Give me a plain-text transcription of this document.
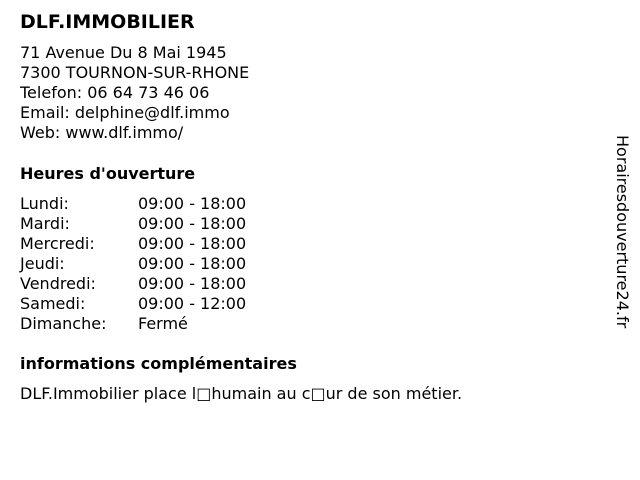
DLF.IMMOBILIER
71 Avenue Du 8 Mai 1945
7300 TOURNON-SUR-RHONE
Telefon: 06 64 73 46 06
Email: delphine@dlf.immo
Web: www.dlf.immo/
Heures d'ouverture
Lundi:	09:00 - 18:00
Mardi:	09:00 - 18:00
Mercredi:	09:00 - 18:00
Jeudi:	09:00 - 18:00
Vendredi:	09:00 - 18:00
Samedi:	09:00 - 12:00
Dimanche: Fermé
informations complémentaires
DLF.Immobilier place l□humain au c□ur de son métier.
Horairesdouverture24.fr
